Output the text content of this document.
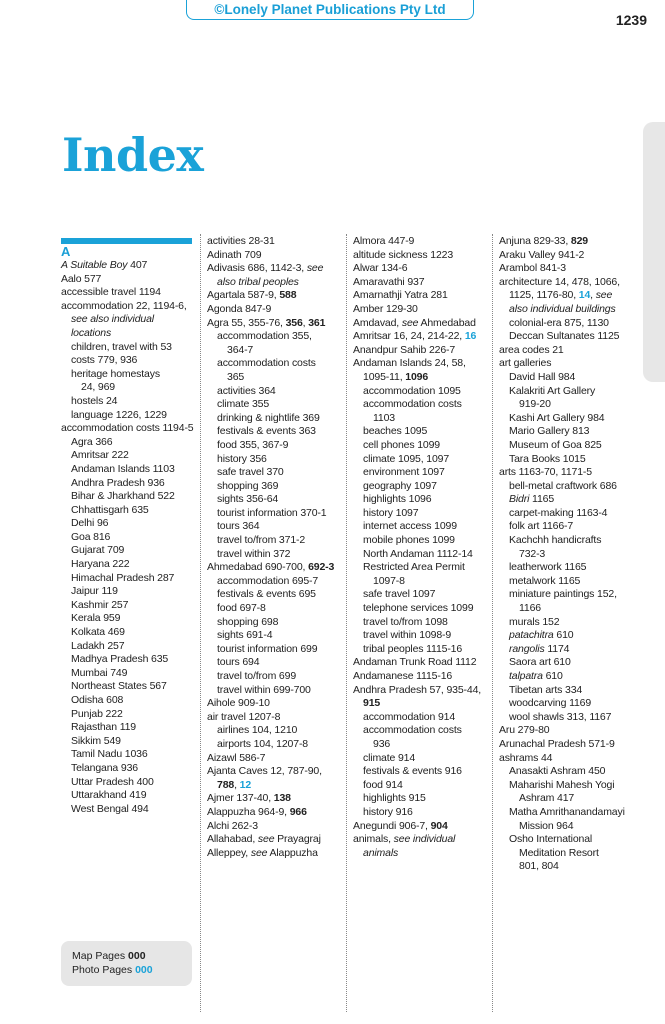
©Lonely Planet Publications Pty Ltd
1239
Index
A
A Suitable Boy 407
Aalo 577
accessible travel 1194
accommodation 22, 1194-6,
see also individual
locations
children, travel with 53
costs 779, 936
heritage homestays
24, 969
hostels 24
language 1226, 1229
accommodation costs 1194-5
Agra 366
Amritsar 222
Andaman Islands 1103
Andhra Pradesh 936
Bihar & Jharkhand 522
Chhattisgarh 635
Delhi 96
Goa 816
Gujarat 709
Haryana 222
Himachal Pradesh 287
Jaipur 119
Kashmir 257
Kerala 959
Kolkata 469
Ladakh 257
Madhya Pradesh 635
Mumbai 749
Northeast States 567
Odisha 608
Punjab 222
Rajasthan 119
Sikkim 549
Tamil Nadu 1036
Telangana 936
Uttar Pradesh 400
Uttarakhand 419
West Bengal 494
activities 28-31
Adinath 709
Adivasis 686, 1142-3, see
also tribal peoples
Agartala 587-9, 588
Agonda 847-9
Agra 55, 355-76, 356, 361
accommodation 355,
364-7
accommodation costs
365
activities 364
climate 355
drinking & nightlife 369
festivals & events 363
food 355, 367-9
history 356
safe travel 370
shopping 369
sights 356-64
tourist information 370-1
tours 364
travel to/from 371-2
travel within 372
Ahmedabad 690-700, 692-3
accommodation 695-7
festivals & events 695
food 697-8
shopping 698
sights 691-4
tourist information 699
tours 694
travel to/from 699
travel within 699-700
Aihole 909-10
air travel 1207-8
airlines 104, 1210
airports 104, 1207-8
Aizawl 586-7
Ajanta Caves 12, 787-90,
788, 12
Ajmer 137-40, 138
Alappuzha 964-9, 966
Alchi 262-3
Allahabad, see Prayagraj
Alleppey, see Alappuzha
Almora 447-9
altitude sickness 1223
Alwar 134-6
Amaravathi 937
Amarnathji Yatra 281
Amber 129-30
Amdavad, see Ahmedabad
Amritsar 16, 24, 214-22, 16
Anandpur Sahib 226-7
Andaman Islands 24, 58,
1095-11, 1096
accommodation 1095
accommodation costs
1103
beaches 1095
cell phones 1099
climate 1095, 1097
environment 1097
geography 1097
highlights 1096
history 1097
internet access 1099
mobile phones 1099
North Andaman 1112-14
Restricted Area Permit
1097-8
safe travel 1097
telephone services 1099
travel to/from 1098
travel within 1098-9
tribal peoples 1115-16
Andaman Trunk Road 1112
Andamanese 1115-16
Andhra Pradesh 57, 935-44,
915
accommodation 914
accommodation costs
936
climate 914
festivals & events 916
food 914
highlights 915
history 916
Anegundi 906-7, 904
animals, see individual
animals
Anjuna 829-33, 829
Araku Valley 941-2
Arambol 841-3
architecture 14, 478, 1066,
1125, 1176-80, 14, see
also individual buildings
colonial-era 875, 1130
Deccan Sultanates 1125
area codes 21
art galleries
David Hall 984
Kalakriti Art Gallery
919-20
Kashi Art Gallery 984
Mario Gallery 813
Museum of Goa 825
Tara Books 1015
arts 1163-70, 1171-5
bell-metal craftwork 686
Bidri 1165
carpet-making 1163-4
folk art 1166-7
Kachchh handicrafts
732-3
leatherwork 1165
metalwork 1165
miniature paintings 152,
1166
murals 152
patachitra 610
rangolis 1174
Saora art 610
talpatra 610
Tibetan arts 334
woodcarving 1169
wool shawls 313, 1167
Aru 279-80
Arunachal Pradesh 571-9
ashrams 44
Anasakti Ashram 450
Maharishi Mahesh Yogi
Ashram 417
Matha Amrithanandamayi
Mission 964
Osho International
Meditation Resort
801, 804
Map Pages 000
Photo Pages 000
